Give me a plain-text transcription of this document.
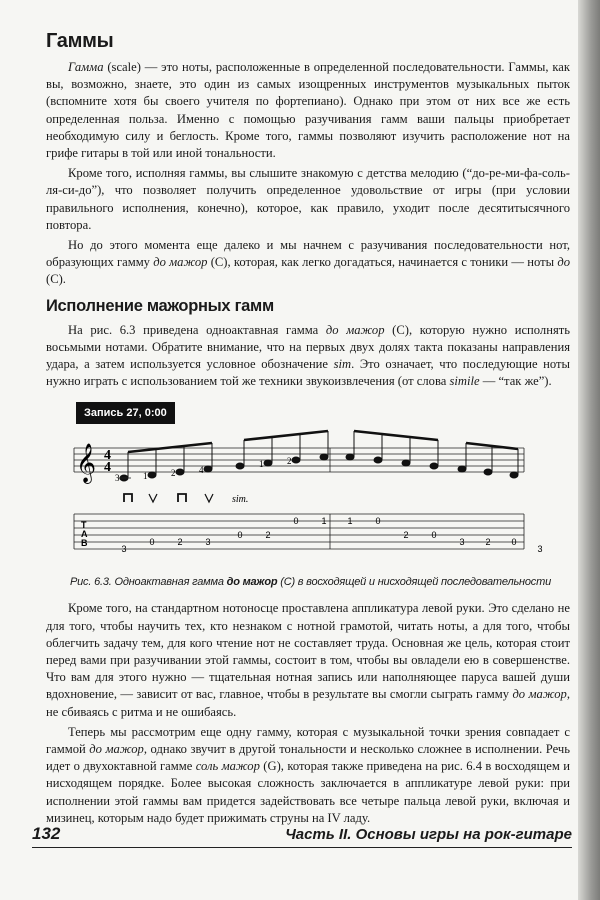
Гаммы

Гамма (scale) — это ноты, расположенные в определенной последовательности. Гаммы, как вы, возможно, знаете, это один из самых изощренных инструментов музыкальных пыток (вспомните хотя бы своего учителя по фортепиано). Однако при этом от них все же есть определенная польза. Именно с помощью разучивания гамм ваши пальцы приобретает необходимую силу и беглость. Кроме того, гаммы позволяют изучить расположение нот на грифе гитары в той или иной тональности.

Кроме того, исполняя гаммы, вы слышите знакомую с детства мелодию (“до-ре-ми-фа-соль-ля-си-до”), что позволяет получить определенное удовольствие от игры (при условии правильного исполнения, конечно), которое, как правило, уходит после десятитысячного повтора.

Но до этого момента еще далеко и мы начнем с разучивания последовательности нот, образующих гамму до мажор (C), которая, как легко догадаться, начинается с тоники — ноты до (C).

Исполнение мажорных гамм

На рис. 6.3 приведена одноактавная гамма до мажор (C), которую нужно исполнять восьмыми нотами. Обратите внимание, что на первых двух долях такта показаны направления удара, а затем используется условное обозначение sim. Это означает, что последующие ноты нужно играть с использованием той же техники звукоизвлечения (от слова simile — “так же”).

Запись 27, 0:00
𝄞 4
4
3	1	2	4
1	2
sim.
T
A
B
3
0	2	3
0	2
0	1 1	0
2	0
3 2 0
3
Рис. 6.3. Одноактавная гамма до мажор (C) в восходящей и нисходящей последовательности

Кроме того, на стандартном нотоносце проставлена аппликатура левой руки. Это сделано не для того, чтобы научить тех, кто незнаком с нотной грамотой, читать ноты, а для того, чтобы облегчить задачу тем, для кого чтение нот не составляет труда. Основная же цель, которая стоит перед вами при разучивании этой гаммы, состоит в том, чтобы вы овладели ею в совершенстве. Что вам для этого нужно — тщательная нотная запись или наполняющее парусa вашей души вдохновение, — зависит от вас, главное, чтобы в результате вы смогли сыграть гамму до мажор, не сбиваясь с ритма и не ошибаясь.

Теперь мы рассмотрим еще одну гамму, которая с музыкальной точки зрения совпадает с гаммой до мажор, однако звучит в другой тональности и несколько сложнее в исполнении. Речь идет о двухоктавной гамме соль мажор (G), которая также приведена на рис. 6.4 в восходящем и нисходящем порядке. Более высокая сложность заключается в аппликатуре левой руки: при исполнении этой гаммы вам придется задействовать все четыре пальца левой руки, включая и мизинец, которым надо будет прижимать струны на IV ладу.

132	Часть II. Основы игры на рок-гитаре
